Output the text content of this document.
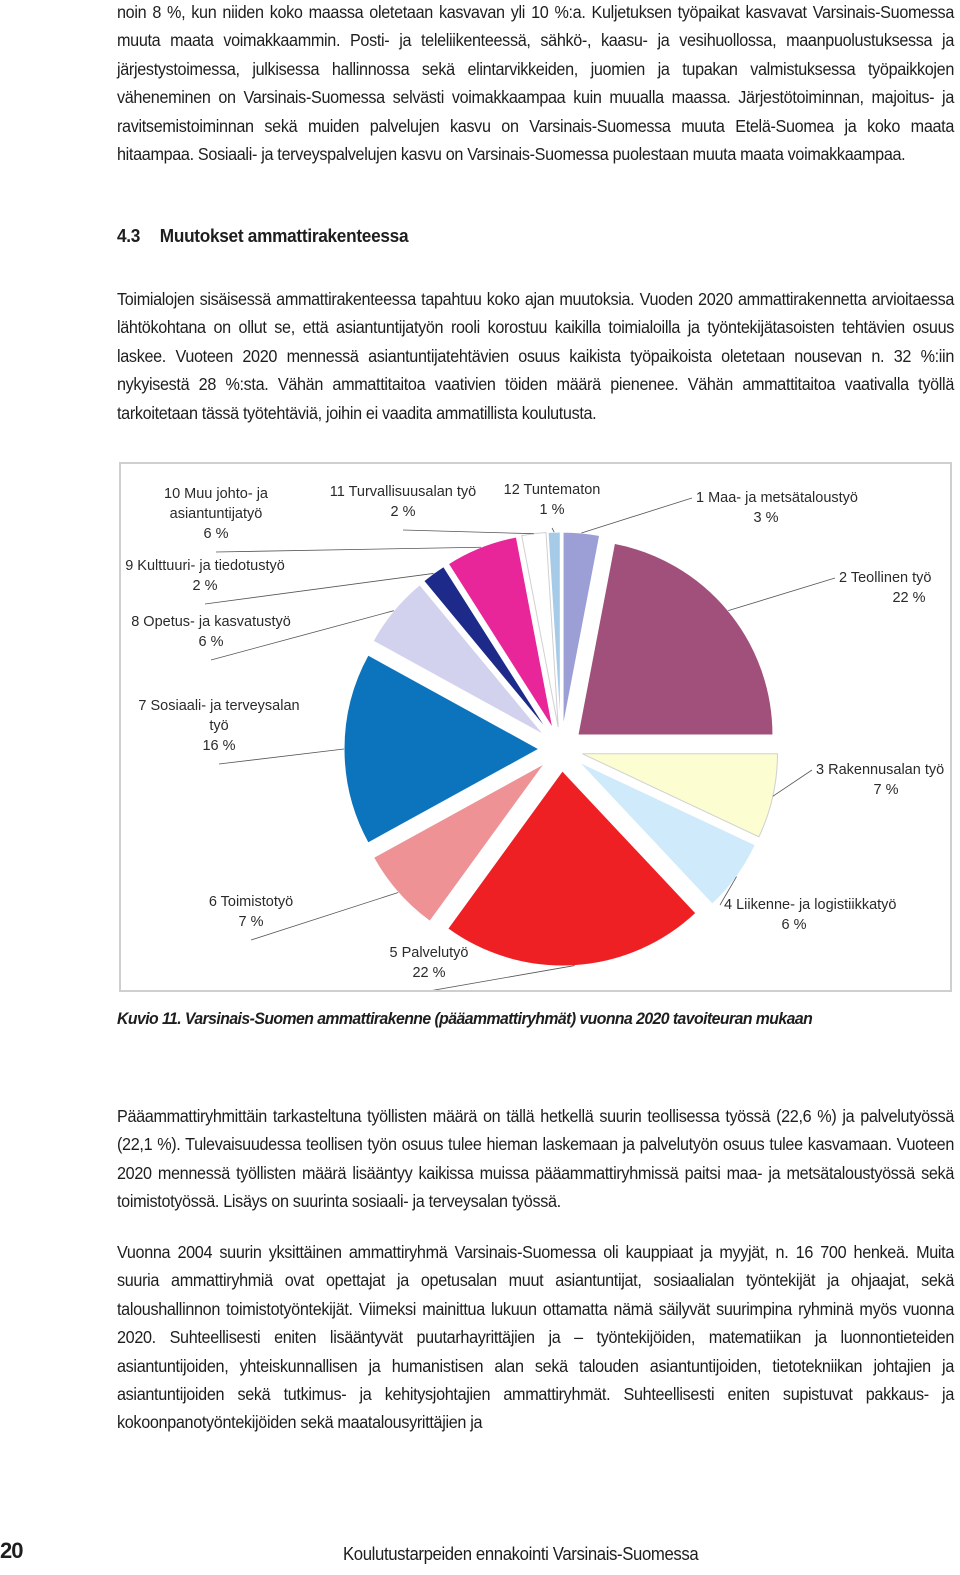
noin 8 %, kun niiden koko maassa oletetaan kasvavan yli 10 %:a. Kuljetuksen työpaikat kasvavat Varsinais-Suomessa muuta maata voimakkaammin. Posti- ja teleliikenteessä, sähkö-, kaasu- ja vesihuollossa, maanpuolustuksessa ja järjestystoimessa, julkisessa hallinnossa sekä elintarvikkeiden, juomien ja tupakan valmistuksessa työpaikkojen väheneminen on Varsinais-Suomessa selvästi voimakkaampaa kuin muualla maassa. Järjestötoiminnan, majoitus- ja ravitsemistoiminnan sekä muiden palvelujen kasvu on Varsinais-Suomessa muuta Etelä-Suomea ja koko maata hitaampaa. Sosiaali- ja terveyspalvelujen kasvu on Varsinais-Suomessa puolestaan muuta maata voimakkaampaa.

4.3 Muutokset ammattirakenteessa

Toimialojen sisäisessä ammattirakenteessa tapahtuu koko ajan muutoksia. Vuoden 2020 ammattirakennetta arvioitaessa lähtökohtana on ollut se, että asiantuntijatyön rooli korostuu kaikilla toimialoilla ja työntekijätasoisten tehtävien osuus laskee. Vuoteen 2020 mennessä asiantuntijatehtävien osuus kaikista työpaikoista oletetaan nousevan n. 32 %:iin nykyisestä 28 %:sta. Vähän ammattitaitoa vaativien töiden määrä pienenee. Vähän ammattitaitoa vaativalla työllä tarkoitetaan tässä työtehtäviä, joihin ei vaadita ammatillista koulutusta.

1 Maa- ja metsätaloustyö 3 %
2 Teollinen työ 22 %
3 Rakennusalan työ 7 %
4 Liikenne- ja logistiikkatyö 6 %
5 Palvelutyö 22 %
6 Toimistotyö 7 %
7 Sosiaali- ja terveysalan työ 16 %
8 Opetus- ja kasvatustyö 6 %
9 Kulttuuri- ja tiedotustyö 2 %
10 Muu johto- ja asiantuntijatyö 6 %
11 Turvallisuusalan työ 2 %
12 Tuntematon 1 %
Kuvio 11. Varsinais-Suomen ammattirakenne (pääammattiryhmät) vuonna 2020 tavoiteuran mukaan

Pääammattiryhmittäin tarkasteltuna työllisten määrä on tällä hetkellä suurin teollisessa työssä (22,6 %) ja palvelutyössä (22,1 %). Tulevaisuudessa teollisen työn osuus tulee hieman laskemaan ja palvelutyön osuus tulee kasvamaan. Vuoteen 2020 mennessä työllisten määrä lisääntyy kaikissa muissa pääammattiryhmissä paitsi maa- ja metsätaloustyössä sekä toimistotyössä. Lisäys on suurinta sosiaali- ja terveysalan työssä.

Vuonna 2004 suurin yksittäinen ammattiryhmä Varsinais-Suomessa oli kauppiaat ja myyjät, n. 16 700 henkeä. Muita suuria ammattiryhmiä ovat opettajat ja opetusalan muut asiantuntijat, sosiaalialan työntekijät ja ohjaajat, sekä taloushallinnon toimistotyöntekijät. Viimeksi mainittua lukuun ottamatta nämä säilyvät suurimpina ryhminä myös vuonna 2020. Suhteellisesti eniten lisääntyvät puutarhayrittäjien ja – työntekijöiden, matematiikan ja luonnontieteiden asiantuntijoiden, yhteiskunnallisen ja humanistisen alan sekä talouden asiantuntijoiden, tietotekniikan johtajien ja asiantuntijoiden sekä tutkimus- ja kehitysjohtajien ammattiryhmät. Suhteellisesti eniten supistuvat pakkaus- ja kokoonpanotyöntekijöiden sekä maatalousyrittäjien ja

20	Koulutustarpeiden ennakointi Varsinais-Suomessa
